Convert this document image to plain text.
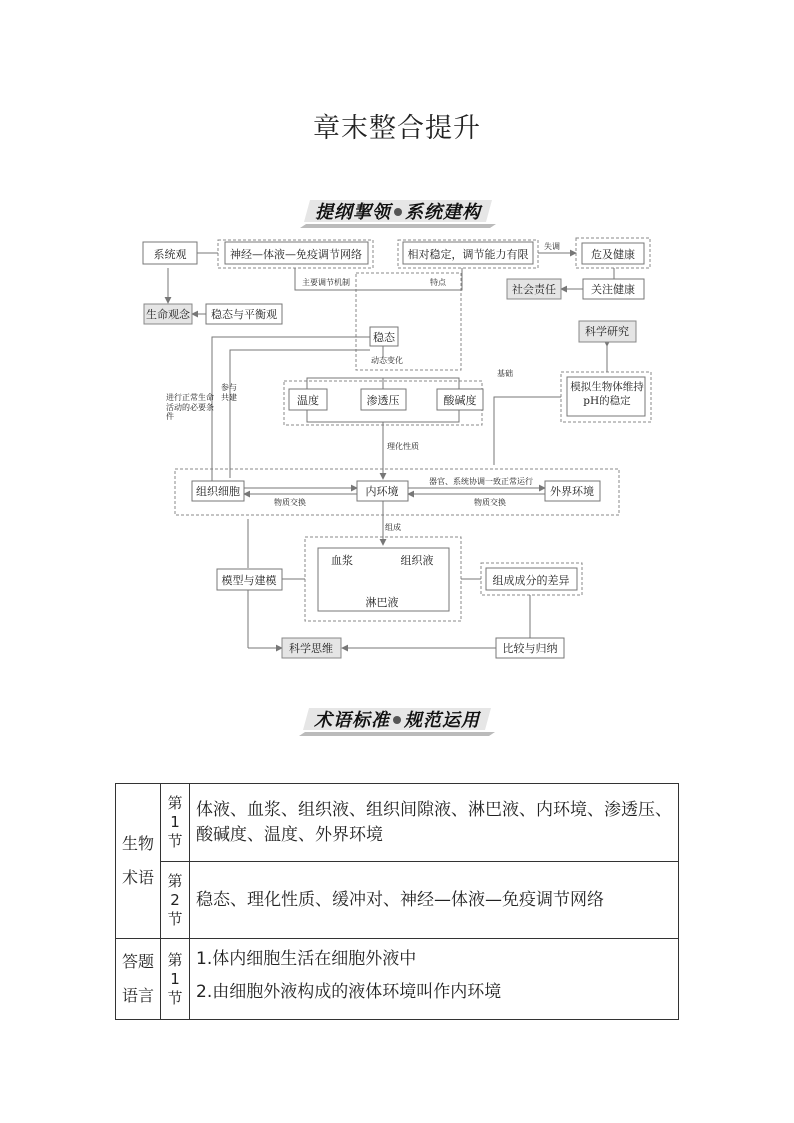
章末整合提升
提纲挈领 系统建构
系统观	神经—体液—免疫调节网络	相对稳定，调节能力有限
失调
危及健康
社会责任	关注健康
主要调节机制	特点
生命观念 稳态与平衡观
稳态	科学研究
动态变化
基础
进行正常生命活动的必要条件
参与共建	温度	渗透压	酸碱度
模拟生物体维持pH的稳定
理化性质
组织细胞	内环境
器官、系统协调一致正常运行
外界环境
物质交换	物质交换
组成
血浆	组织液
淋巴液
模型与建模	组成成分的差异
科学思维	比较与归纳
术语标准 规范运用
生物术语	第1节	体液、血浆、组织液、组织间隙液、淋巴液、内环境、渗透压、酸碱度、温度、外界环境

	第2节	稳态、理化性质、缓冲对、神经—体液—免疫调节网络

答题语言	第1节	1.体内细胞生活在细胞外液中
2.由细胞外液构成的液体环境叫作内环境
